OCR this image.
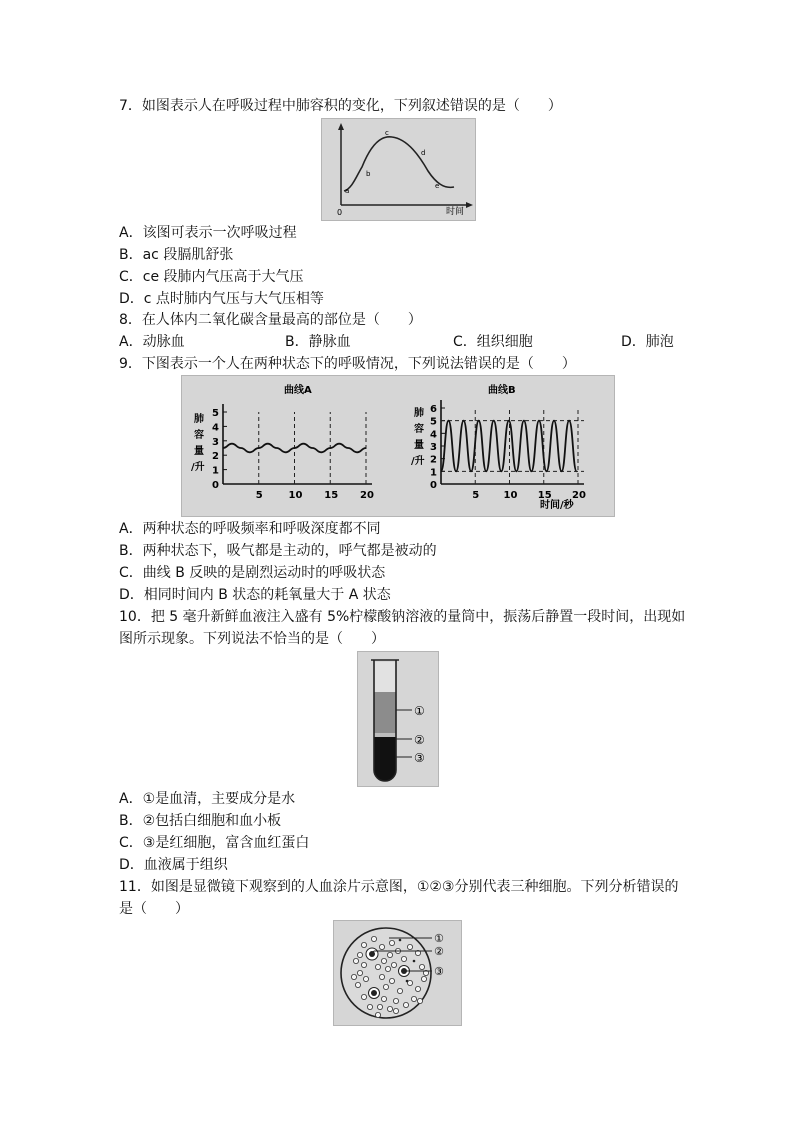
7．如图表示人在呼吸过程中肺容积的变化，下列叙述错误的是（　　）
a
b
c
d
e
0	时间
A．该图可表示一次呼吸过程
B．ac 段膈肌舒张
C．ce 段肺内气压高于大气压
D．c 点时肺内气压与大气压相等
8．在人体内二氧化碳含量最高的部位是（　　）
A．动脉血	B．静脉血	C．组织细胞	D．肺泡
9．下图表示一个人在两种状态下的呼吸情况，下列说法错误的是（　　）
曲线A
肺
容
量
/升
0
1
2
3
4
5
5	10 15 20
曲线B
肺
容
量
/升
0
1
2
3
4
5
6
5 10 15 20
时间/秒
A．两种状态的呼吸频率和呼吸深度都不同
B．两种状态下，吸气都是主动的，呼气都是被动的
C．曲线 B 反映的是剧烈运动时的呼吸状态
D．相同时间内 B 状态的耗氧量大于 A 状态
10．把 5 毫升新鲜血液注入盛有 5%柠檬酸钠溶液的量筒中，振荡后静置一段时间，出现如
图所示现象。下列说法不恰当的是（　　）
①
②
③
A．①是血清，主要成分是水
B．②包括白细胞和血小板
C．③是红细胞，富含血红蛋白
D．血液属于组织
11．如图是显微镜下观察到的人血涂片示意图，①②③分别代表三种细胞。下列分析错误的
是（　　）
①
②
③
